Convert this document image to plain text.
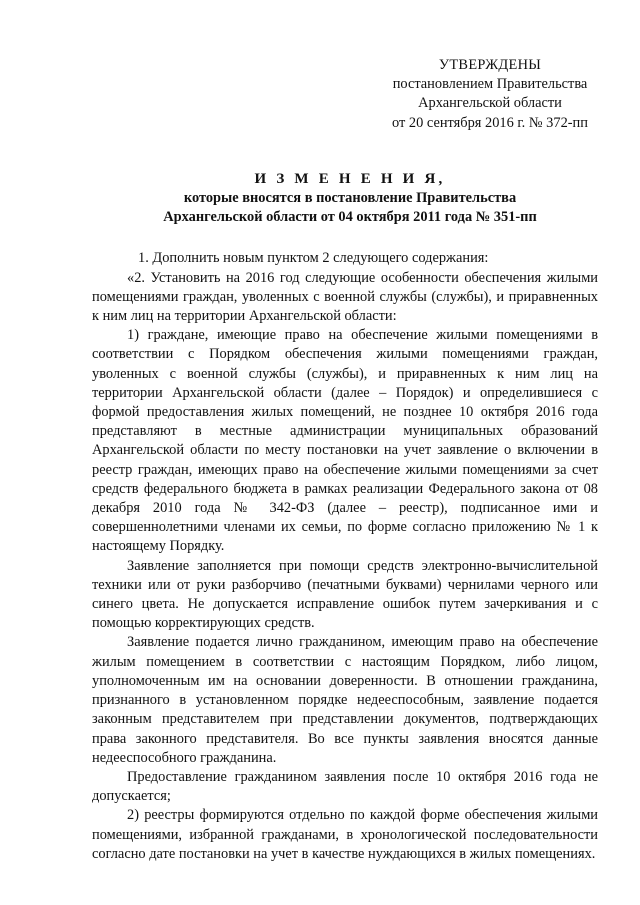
УТВЕРЖДЕНЫ
постановлением Правительства
Архангельской области
от 20 сентября 2016 г. № 372-пп
И З М Е Н Е Н И Я,
которые вносятся в постановление Правительства
Архангельской области от 04 октября 2011 года № 351-пп

1. Дополнить новым пунктом 2 следующего содержания:

«2. Установить на 2016 год следующие особенности обеспечения жилыми помещениями граждан, уволенных с военной службы (службы), и приравненных к ним лиц на территории Архангельской области:

1) граждане, имеющие право на обеспечение жилыми помещениями в соответствии с Порядком обеспечения жилыми помещениями граждан, уволенных с военной службы (службы), и приравненных к ним лиц на территории Архангельской области (далее – Порядок) и определившиеся с формой предоставления жилых помещений, не позднее 10 октября 2016 года представляют в местные администрации муниципальных образований Архангельской области по месту постановки на учет заявление о включении в реестр граждан, имеющих право на обеспечение жилыми помещениями за счет средств федерального бюджета в рамках реализации Федерального закона от 08 декабря 2010 года № 342-ФЗ (далее – реестр), подписанное ими и совершеннолетними членами их семьи, по форме согласно приложению № 1 к настоящему Порядку.

Заявление заполняется при помощи средств электронно-вычислительной техники или от руки разборчиво (печатными буквами) чернилами черного или синего цвета. Не допускается исправление ошибок путем зачеркивания и с помощью корректирующих средств.

Заявление подается лично гражданином, имеющим право на обеспечение жилым помещением в соответствии с настоящим Порядком, либо лицом, уполномоченным им на основании доверенности. В отношении гражданина, признанного в установленном порядке недееспособным, заявление подается законным представителем при представлении документов, подтверждающих права законного представителя. Во все пункты заявления вносятся данные недееспособного гражданина.

Предоставление гражданином заявления после 10 октября 2016 года не допускается;

2) реестры формируются отдельно по каждой форме обеспечения жилыми помещениями, избранной гражданами, в хронологической последовательности согласно дате постановки на учет в качестве нуждающихся в жилых помещениях.
